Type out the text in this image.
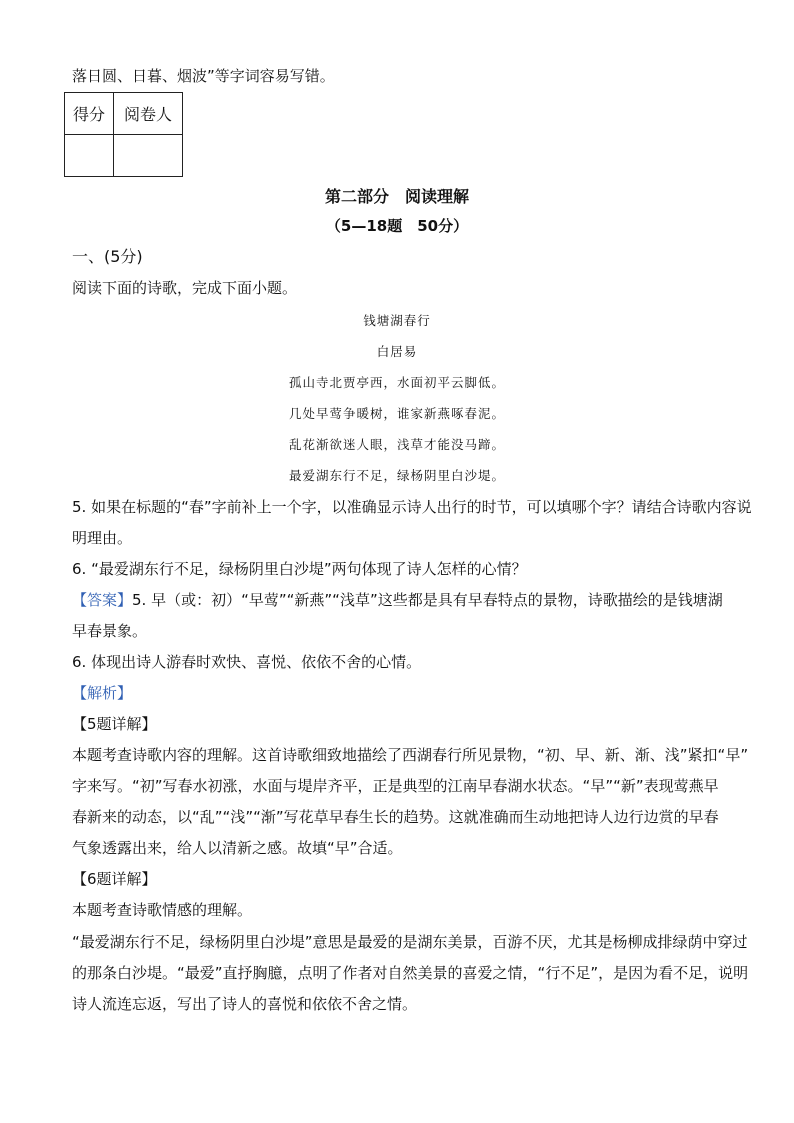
落日圆、日暮、烟波”等字词容易写错。
得分	阅卷人

第二部分　阅读理解
（5—18题　50分）
一、(5分)
阅读下面的诗歌，完成下面小题。
钱塘湖春行
白居易
孤山寺北贾亭西，水面初平云脚低。
几处早莺争暖树，谁家新燕啄春泥。
乱花渐欲迷人眼，浅草才能没马蹄。
最爱湖东行不足，绿杨阴里白沙堤。
5. 如果在标题的“春”字前补上一个字，以准确显示诗人出行的时节，可以填哪个字？请结合诗歌内容说
明理由。
6. “最爱湖东行不足，绿杨阴里白沙堤”两句体现了诗人怎样的心情？
【答案】5. 早（或：初）“早莺”“新燕”“浅草”这些都是具有早春特点的景物，诗歌描绘的是钱塘湖
早春景象。
6. 体现出诗人游春时欢快、喜悦、依依不舍的心情。
【解析】
【5题详解】
本题考查诗歌内容的理解。这首诗歌细致地描绘了西湖春行所见景物，“初、早、新、渐、浅”紧扣“早”
字来写。“初”写春水初涨，水面与堤岸齐平，正是典型的江南早春湖水状态。“早”“新”表现莺燕早
春新来的动态，以“乱”“浅”“渐”写花草早春生长的趋势。这就准确而生动地把诗人边行边赏的早春
气象透露出来，给人以清新之感。故填“早”合适。
【6题详解】
本题考查诗歌情感的理解。
“最爱湖东行不足，绿杨阴里白沙堤”意思是最爱的是湖东美景，百游不厌，尤其是杨柳成排绿荫中穿过
的那条白沙堤。“最爱”直抒胸臆，点明了作者对自然美景的喜爱之情，“行不足”，是因为看不足，说明
诗人流连忘返，写出了诗人的喜悦和依依不舍之情。
